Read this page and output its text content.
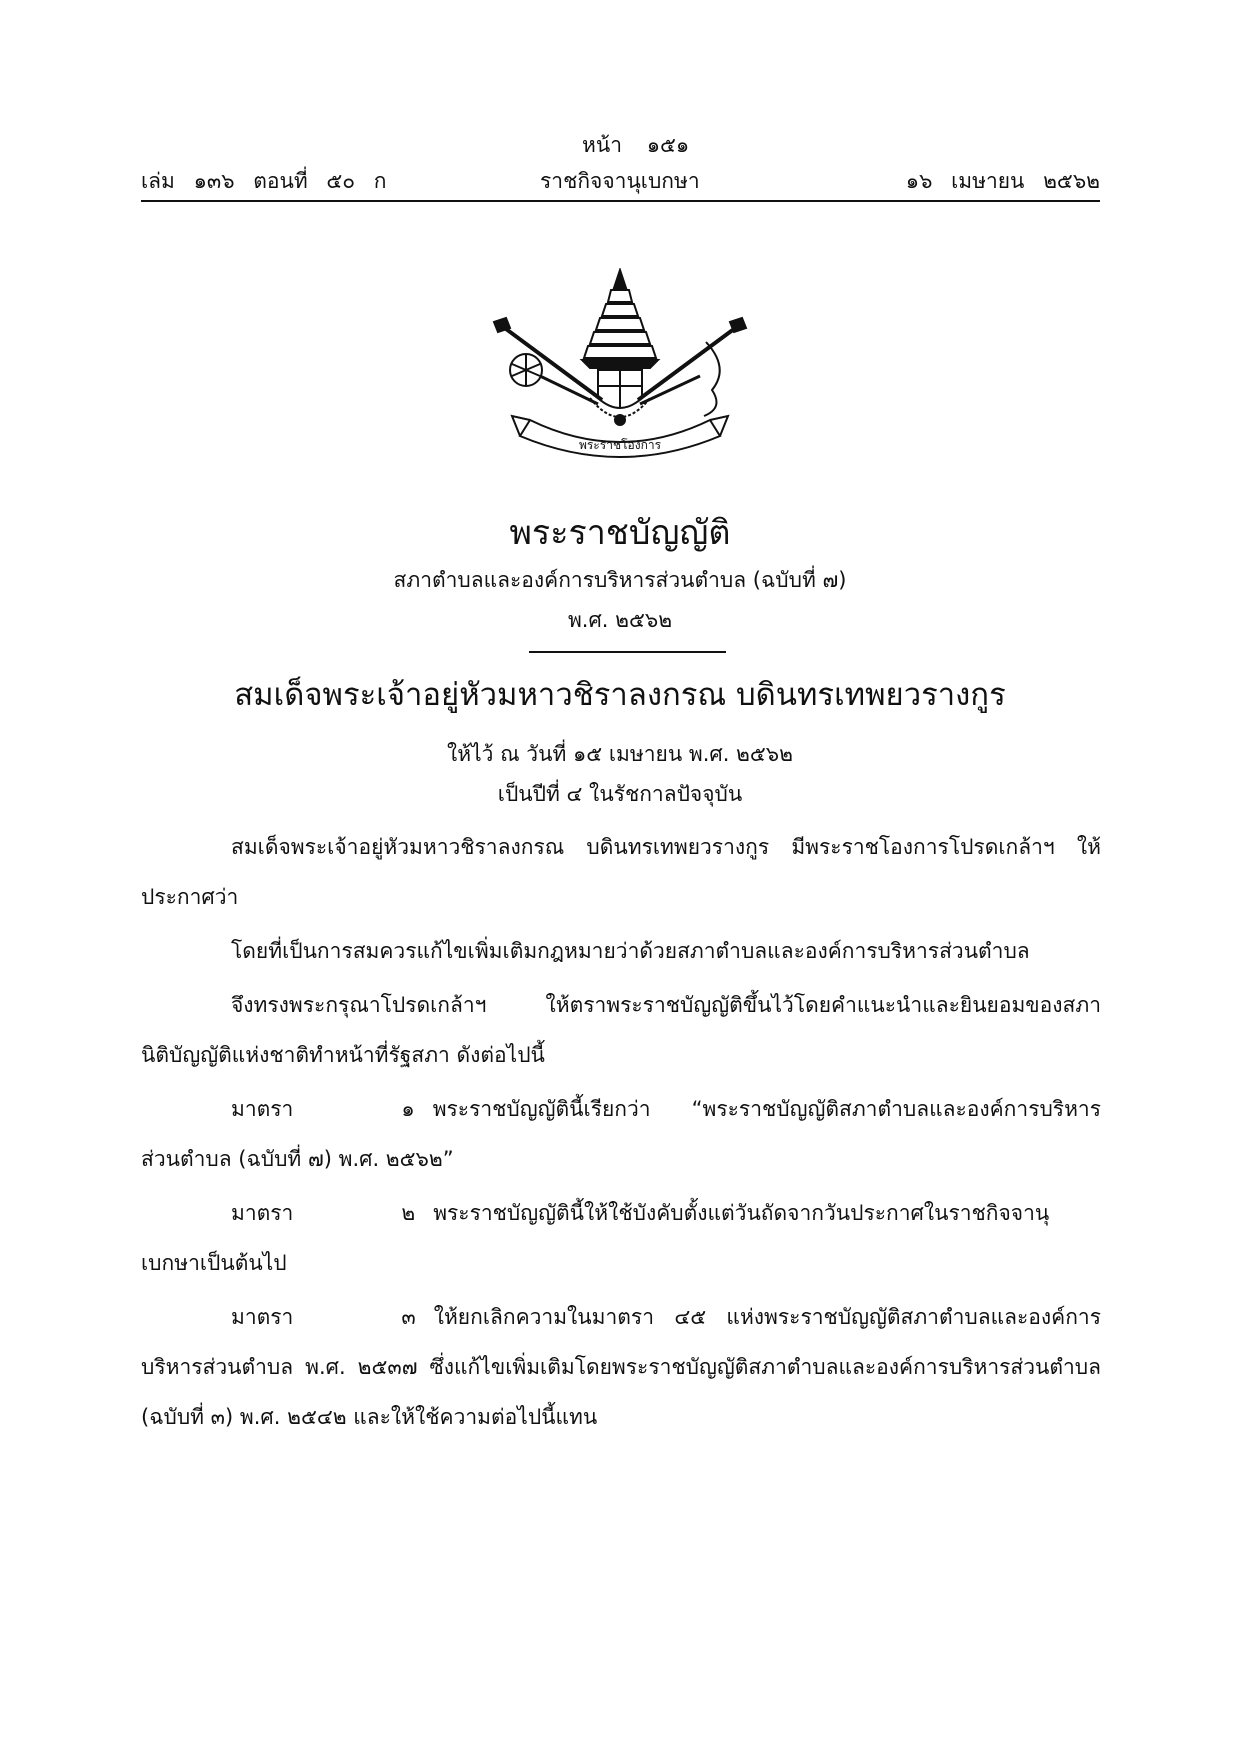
หน้า ๑๕๑
เล่ม ๑๓๖ ตอนที่ ๕๐ ก	ราชกิจจานุเบกษา	๑๖ เมษายน ๒๕๖๒
พระราชโองการ
พระราชบัญญัติ
สภาตำบลและองค์การบริหารส่วนตำบล (ฉบับที่ ๗)
พ.ศ. ๒๕๖๒
สมเด็จพระเจ้าอยู่หัวมหาวชิราลงกรณ บดินทรเทพยวรางกูร
ให้ไว้ ณ วันที่ ๑๕ เมษายน พ.ศ. ๒๕๖๒
เป็นปีที่ ๔ ในรัชกาลปัจจุบัน

สมเด็จพระเจ้าอยู่หัวมหาวชิราลงกรณ บดินทรเทพยวรางกูร มีพระราชโองการโปรดเกล้าฯ ให้ประกาศว่า

โดยที่เป็นการสมควรแก้ไขเพิ่มเติมกฎหมายว่าด้วยสภาตำบลและองค์การบริหารส่วนตำบล

จึงทรงพระกรุณาโปรดเกล้าฯ ให้ตราพระราชบัญญัติขึ้นไว้โดยคำแนะนำและยินยอมของสภานิติบัญญัติแห่งชาติทำหน้าที่รัฐสภา ดังต่อไปนี้

มาตรา	๑ พระราชบัญญัตินี้เรียกว่า “พระราชบัญญัติสภาตำบลและองค์การบริหารส่วนตำบล (ฉบับที่ ๗) พ.ศ. ๒๕๖๒”

มาตรา	๒ พระราชบัญญัตินี้ให้ใช้บังคับตั้งแต่วันถัดจากวันประกาศในราชกิจจานุเบกษาเป็นต้นไป

มาตรา	๓ ให้ยกเลิกความในมาตรา ๔๕ แห่งพระราชบัญญัติสภาตำบลและองค์การบริหารส่วนตำบล พ.ศ. ๒๕๓๗ ซึ่งแก้ไขเพิ่มเติมโดยพระราชบัญญัติสภาตำบลและองค์การบริหารส่วนตำบล (ฉบับที่ ๓) พ.ศ. ๒๕๔๒ และให้ใช้ความต่อไปนี้แทน
